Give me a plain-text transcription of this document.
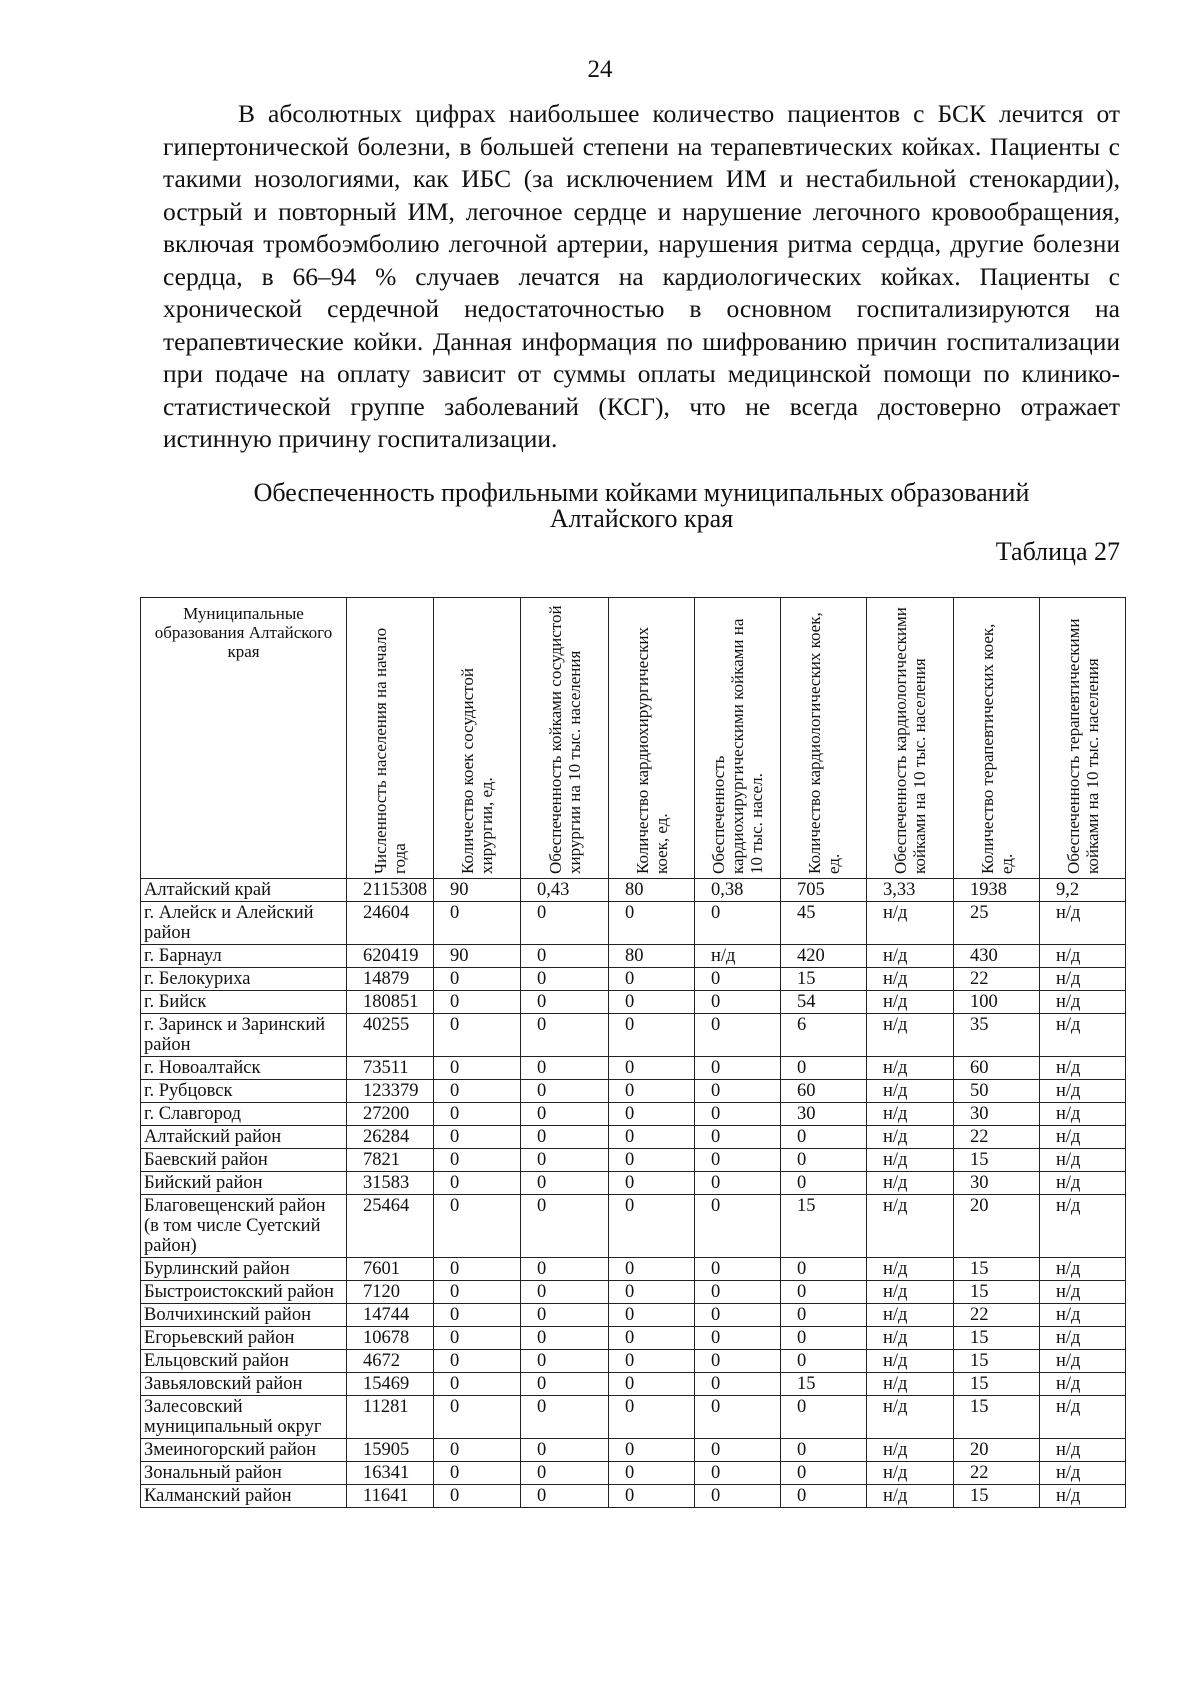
24

В абсолютных цифрах наибольшее количество пациентов с БСК лечится от гипертонической болезни, в большей степени на терапевтических койках. Пациенты с такими нозологиями, как ИБС (за исключением ИМ и нестабильной стенокардии), острый и повторный ИМ, легочное сердце и нарушение легочного кровообращения, включая тромбоэмболию легочной артерии, нарушения ритма сердца, другие болезни сердца, в 66–94 % случаев лечатся на кардиологических койках. Пациенты с хронической сердечной недостаточностью в основном госпитализируются на терапевтические койки. Данная информация по шифрованию причин госпитализации при подаче на оплату зависит от суммы оплаты медицинской помощи по клинико-статистической группе заболеваний (КСГ), что не всегда достоверно отражает истинную причину госпитализации.

Обеспеченность профильными койками муниципальных образований
Алтайского края
Таблица 27
Муниципальные образования Алтайского края	Численность населения на начало года	Количество коек сосудистой хирургии, ед.	Обеспеченность койками сосудистой хирургии на 10 тыс. населения	Количество кардиохирургических коек, ед.	Обеспеченность кардиохирургическими койками на 10 тыс. насел.	Количество кардиологических коек, ед.	Обеспеченность кардиологическими койками на 10 тыс. населения	Количество терапевтических коек, ед.	Обеспеченность терапевтическими койками на 10 тыс. населения

Алтайский край	2115308	90	0,43	80	0,38	705	3,33	1938	9,2
г. Алейск и Алейский район	24604	0	0	0	0	45	н/д	25	н/д
г. Барнаул	620419	90	0	80	н/д	420	н/д	430	н/д
г. Белокуриха	14879	0	0	0	0	15	н/д	22	н/д
г. Бийск	180851	0	0	0	0	54	н/д	100	н/д
г. Заринск и Заринский район	40255	0	0	0	0	6	н/д	35	н/д
г. Новоалтайск	73511	0	0	0	0	0	н/д	60	н/д
г. Рубцовск	123379	0	0	0	0	60	н/д	50	н/д
г. Славгород	27200	0	0	0	0	30	н/д	30	н/д
Алтайский район	26284	0	0	0	0	0	н/д	22	н/д
Баевский район	7821	0	0	0	0	0	н/д	15	н/д
Бийский район	31583	0	0	0	0	0	н/д	30	н/д
Благовещенский район (в том числе Суетский район)	25464	0	0	0	0	15	н/д	20	н/д
Бурлинский район	7601	0	0	0	0	0	н/д	15	н/д
Быстроистокский район	7120	0	0	0	0	0	н/д	15	н/д
Волчихинский район	14744	0	0	0	0	0	н/д	22	н/д
Егорьевский район	10678	0	0	0	0	0	н/д	15	н/д
Ельцовский район	4672	0	0	0	0	0	н/д	15	н/д
Завьяловский район	15469	0	0	0	0	15	н/д	15	н/д
Залесовский муниципальный округ	11281	0	0	0	0	0	н/д	15	н/д
Змеиногорский район	15905	0	0	0	0	0	н/д	20	н/д
Зональный район	16341	0	0	0	0	0	н/д	22	н/д
Калманский район	11641	0	0	0	0	0	н/д	15	н/д
